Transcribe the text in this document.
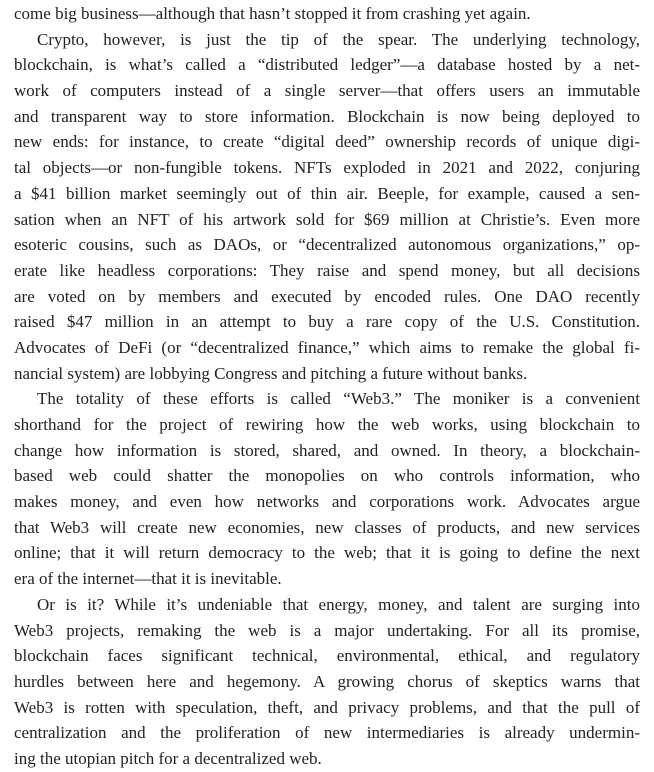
come big business—although that hasn’t stopped it from crashing yet again.
Crypto, however, is just the tip of the spear. The underlying technology,
blockchain, is what’s called a “distributed ledger”—a database hosted by a net-
work of computers instead of a single server—that offers users an immutable
and transparent way to store information. Blockchain is now being deployed to
new ends: for instance, to create “digital deed” ownership records of unique digi-
tal objects—or non-fungible tokens. NFTs exploded in 2021 and 2022, conjuring
a $41 billion market seemingly out of thin air. Beeple, for example, caused a sen-
sation when an NFT of his artwork sold for $69 million at Christie’s. Even more
esoteric cousins, such as DAOs, or “decentralized autonomous organizations,” op-
erate like headless corporations: They raise and spend money, but all decisions
are voted on by members and executed by encoded rules. One DAO recently
raised $47 million in an attempt to buy a rare copy of the U.S. Constitution.
Advocates of DeFi (or “decentralized finance,” which aims to remake the global fi-
nancial system) are lobbying Congress and pitching a future without banks.
The totality of these efforts is called “Web3.” The moniker is a convenient
shorthand for the project of rewiring how the web works, using blockchain to
change how information is stored, shared, and owned. In theory, a blockchain-
based web could shatter the monopolies on who controls information, who
makes money, and even how networks and corporations work. Advocates argue
that Web3 will create new economies, new classes of products, and new services
online; that it will return democracy to the web; that it is going to define the next
era of the internet—that it is inevitable.
Or is it? While it’s undeniable that energy, money, and talent are surging into
Web3 projects, remaking the web is a major undertaking. For all its promise,
blockchain faces significant technical, environmental, ethical, and regulatory
hurdles between here and hegemony. A growing chorus of skeptics warns that
Web3 is rotten with speculation, theft, and privacy problems, and that the pull of
centralization and the proliferation of new intermediaries is already undermin-
ing the utopian pitch for a decentralized web.
